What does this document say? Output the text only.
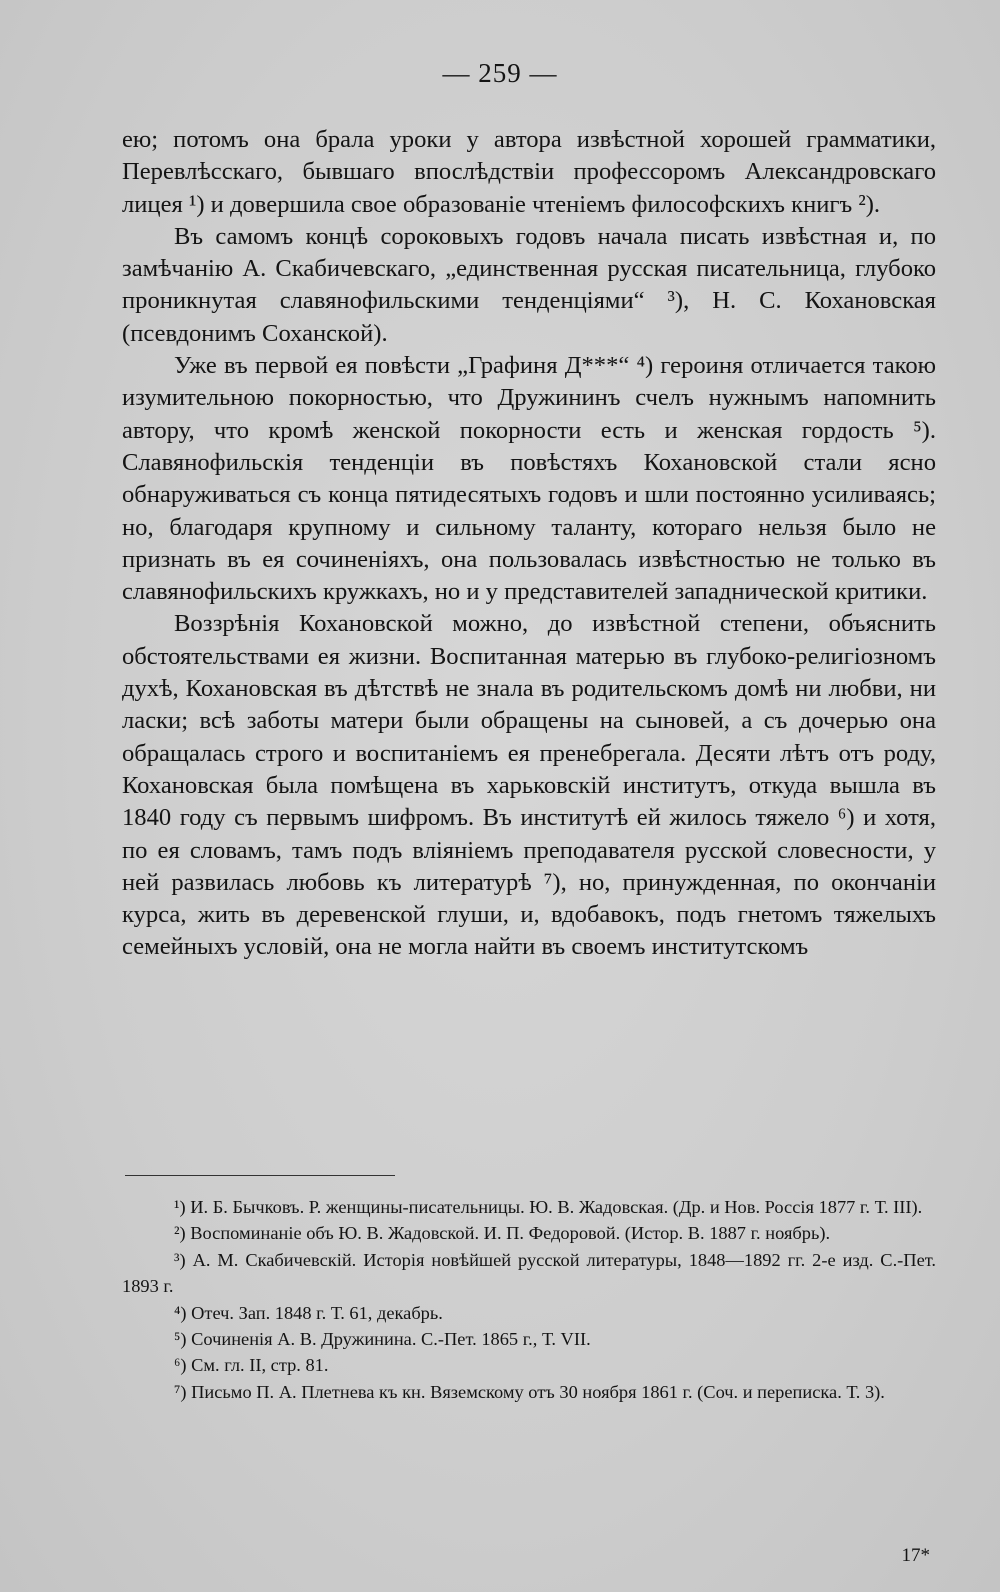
— 259 —

ею; потомъ она брала уроки у автора извѣстной хорошей грамматики, Перевлѣсскаго, бывшаго впослѣдствіи профессоромъ Александровскаго лицея ¹) и довершила свое образованіе чтеніемъ философскихъ книгъ ²).

Въ самомъ концѣ сороковыхъ годовъ начала писать извѣстная и, по замѣчанію А. Скабичевскаго, „единственная русская писательница, глубоко проникнутая славянофильскими тенденціями“ ³), Н. С. Кохановская (псевдонимъ Соханской).

Уже въ первой ея повѣсти „Графиня Д***“ ⁴) героиня отличается такою изумительною покорностью, что Дружининъ счелъ нужнымъ напомнить автору, что кромѣ женской покорности есть и женская гордость ⁵). Славянофильскія тенденціи въ повѣстяхъ Кохановской стали ясно обнаруживаться съ конца пятидесятыхъ годовъ и шли постоянно усиливаясь; но, благодаря крупному и сильному таланту, котораго нельзя было не признать въ ея сочиненіяхъ, она пользовалась извѣстностью не только въ славянофильскихъ кружкахъ, но и у представителей западнической критики.

Воззрѣнія Кохановской можно, до извѣстной степени, объяснить обстоятельствами ея жизни. Воспитанная матерью въ глубоко-религіозномъ духѣ, Кохановская въ дѣтствѣ не знала въ родительскомъ домѣ ни любви, ни ласки; всѣ заботы матери были обращены на сыновей, а съ дочерью она обращалась строго и воспитаніемъ ея пренебрегала. Десяти лѣтъ отъ роду, Кохановская была помѣщена въ харьковскій институтъ, откуда вышла въ 1840 году съ первымъ шифромъ. Въ институтѣ ей жилось тяжело ⁶) и хотя, по ея словамъ, тамъ подъ вліяніемъ преподавателя русской словесности, у ней развилась любовь къ литературѣ ⁷), но, принужденная, по окончаніи курса, жить въ деревенской глуши, и, вдобавокъ, подъ гнетомъ тяжелыхъ семейныхъ условій, она не могла найти въ своемъ институтскомъ

¹) И. Б. Бычковъ. Р. женщины-писательницы. Ю. В. Жадовская. (Др. и Нов. Россія 1877 г. Т. III).

²) Воспоминаніе объ Ю. В. Жадовской. И. П. Федоровой. (Истор. В. 1887 г. ноябрь).

³) А. М. Скабичевскій. Исторія новѣйшей русской литературы, 1848—1892 гг. 2-е изд. С.-Пет. 1893 г.

⁴) Отеч. Зап. 1848 г. Т. 61, декабрь.

⁵) Сочиненія А. В. Дружинина. С.-Пет. 1865 г., Т. VII.

⁶) См. гл. II, стр. 81.

⁷) Письмо П. А. Плетнева къ кн. Вяземскому отъ 30 ноября 1861 г. (Соч. и переписка. Т. 3).

17*
